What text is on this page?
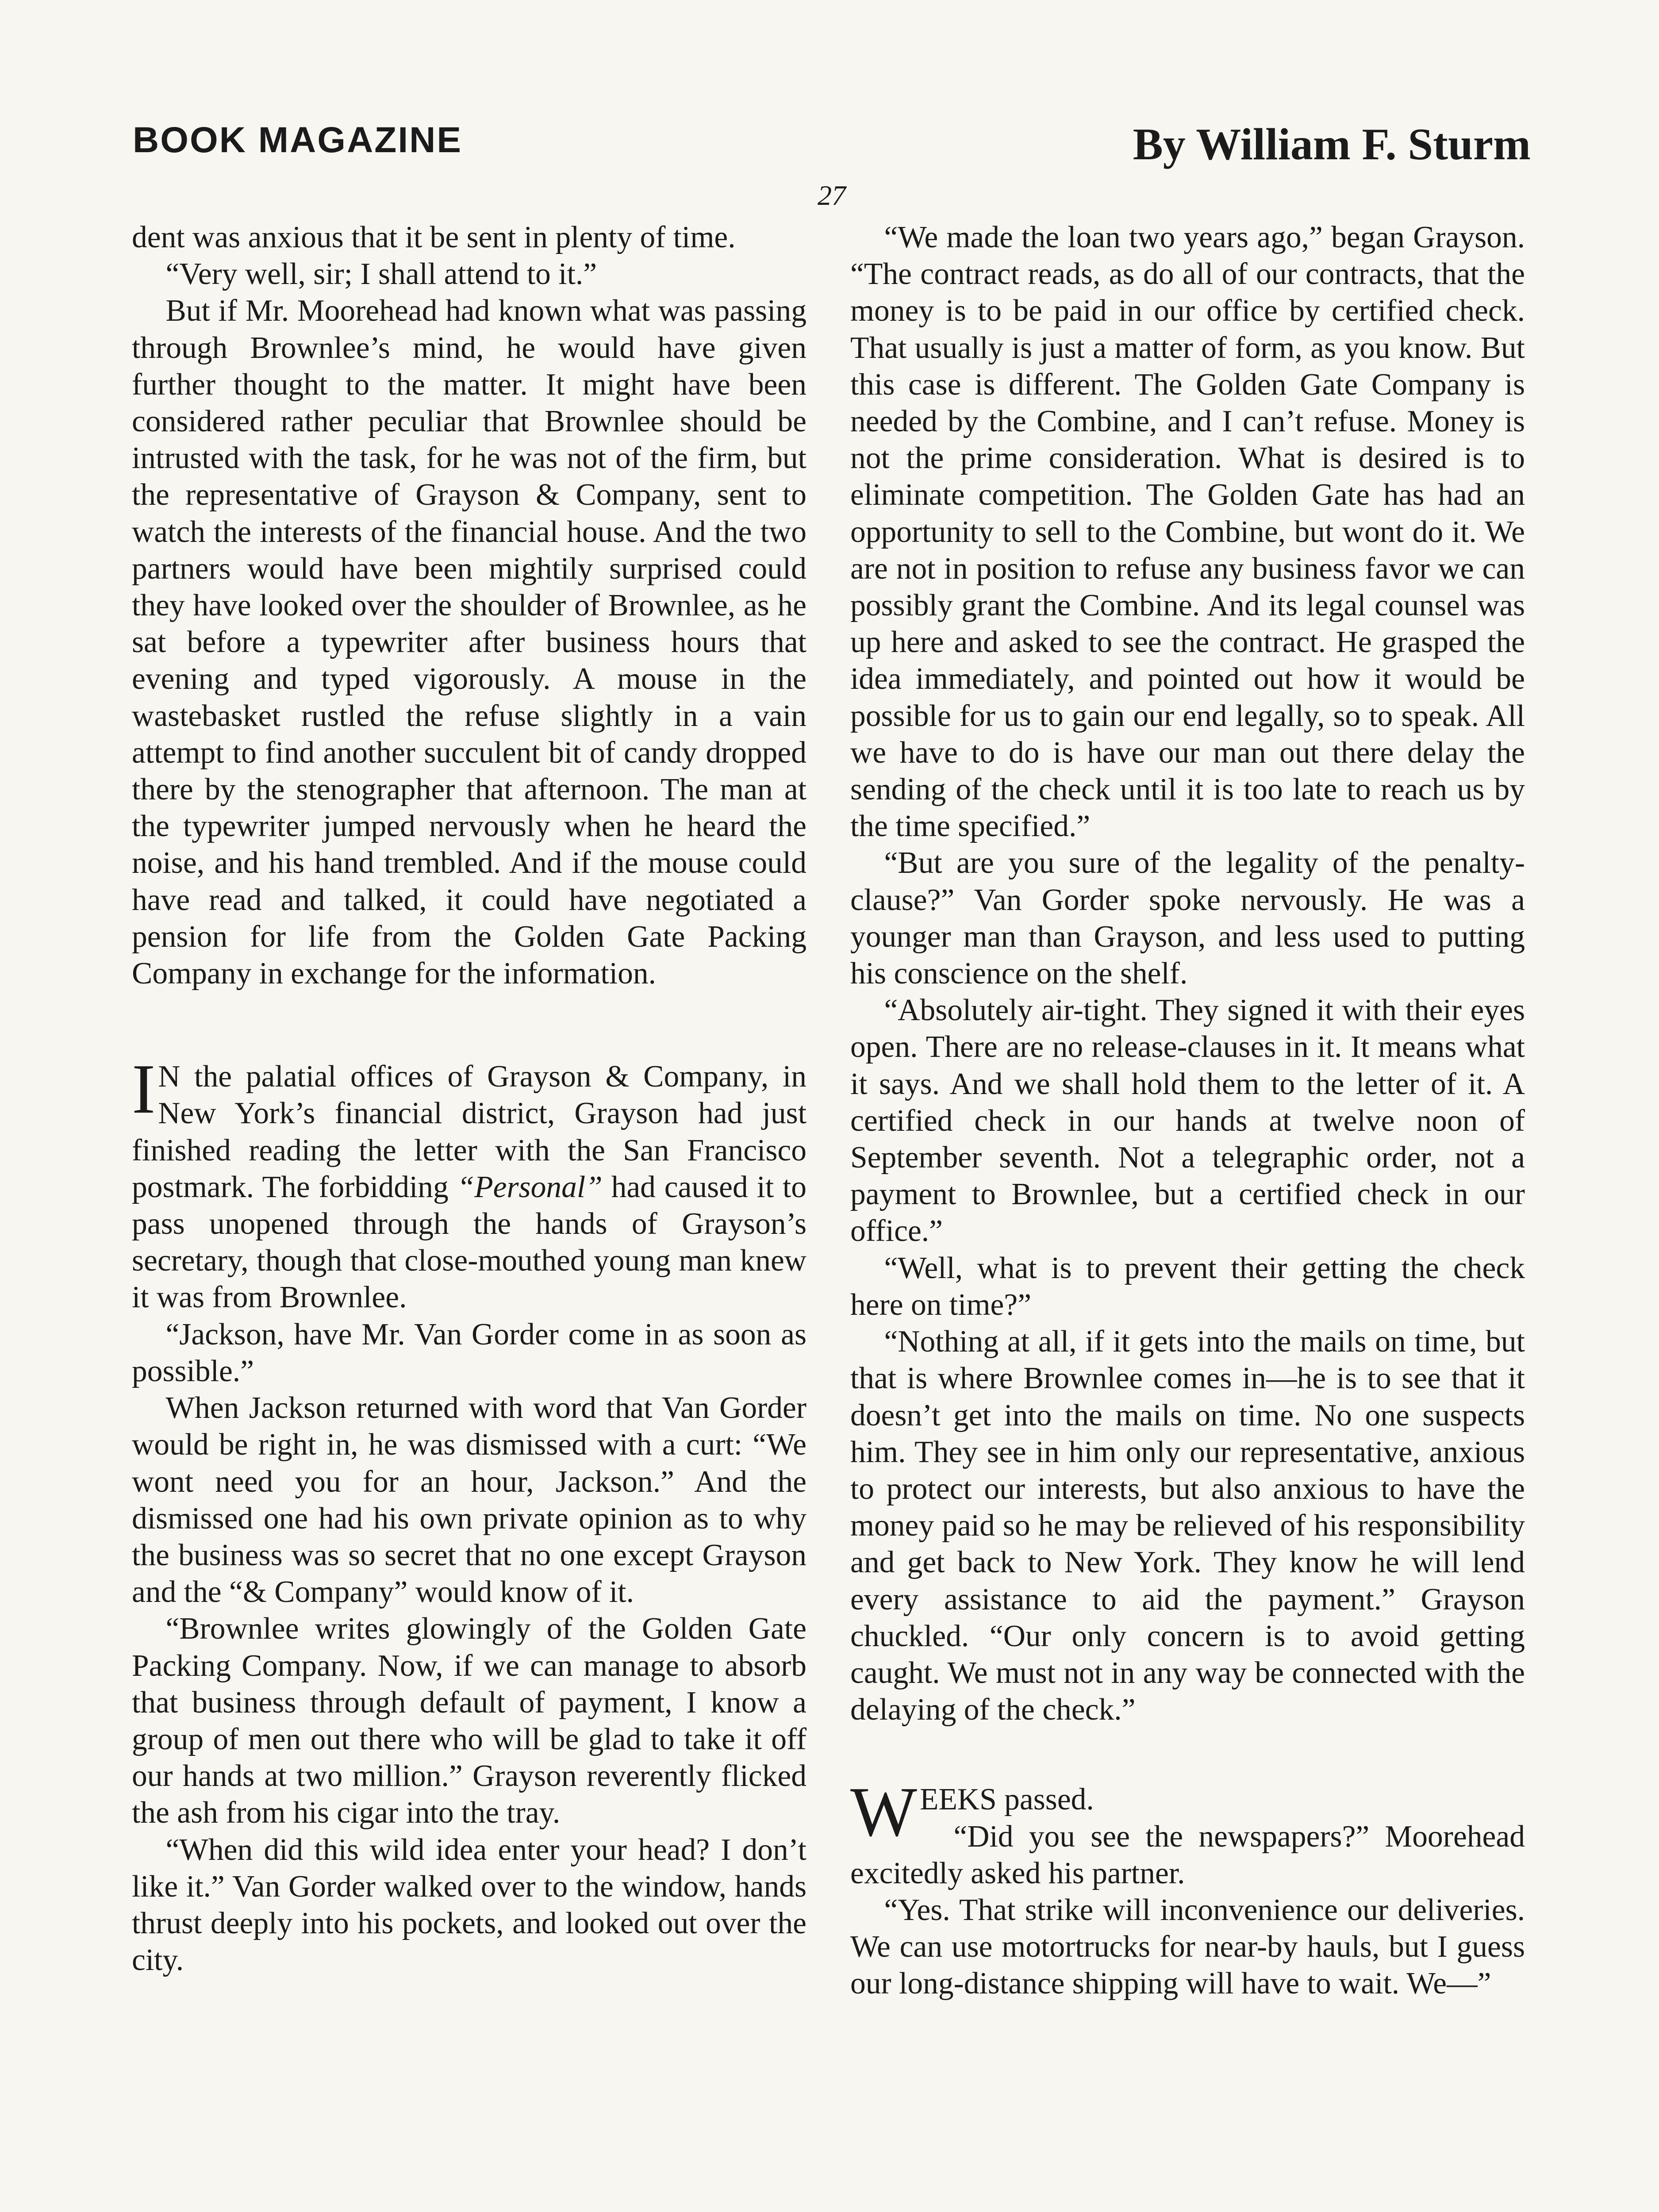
BOOK MAGAZINE	By William F. Sturm
27

dent was anxious that it be sent in plenty of time.

“Very well, sir; I shall attend to it.”

But if Mr. Moorehead had known what was passing through Brownlee’s mind, he would have given further thought to the matter. It might have been considered rather peculiar that Brownlee should be intrusted with the task, for he was not of the firm, but the representative of Grayson & Company, sent to watch the interests of the financial house. And the two partners would have been mightily surprised could they have looked over the shoulder of Brownlee, as he sat before a typewriter after business hours that evening and typed vigorously. A mouse in the wastebasket rustled the refuse slightly in a vain attempt to find another succulent bit of candy dropped there by the stenographer that afternoon. The man at the typewriter jumped nervously when he heard the noise, and his hand trembled. And if the mouse could have read and talked, it could have negotiated a pension for life from the Golden Gate Packing Company in exchange for the information.

I N the palatial offices of Grayson & Company, in New York’s financial district, Grayson had just finished reading the letter with the San Francisco postmark. The forbidding “Personal” had caused it to pass unopened through the hands of Grayson’s secretary, though that close-mouthed young man knew it was from Brownlee.

“Jackson, have Mr. Van Gorder come in as soon as possible.”

When Jackson returned with word that Van Gorder would be right in, he was dismissed with a curt: “We wont need you for an hour, Jackson.” And the dismissed one had his own private opinion as to why the business was so secret that no one except Grayson and the “& Company” would know of it.

“Brownlee writes glowingly of the Golden Gate Packing Company. Now, if we can manage to absorb that business through default of payment, I know a group of men out there who will be glad to take it off our hands at two million.” Grayson reverently flicked the ash from his cigar into the tray.

“When did this wild idea enter your head? I don’t like it.” Van Gorder walked over to the window, hands thrust deeply into his pockets, and looked out over the city.

“We made the loan two years ago,” began Grayson. “The contract reads, as do all of our contracts, that the money is to be paid in our office by certified check. That usually is just a matter of form, as you know. But this case is different. The Golden Gate Company is needed by the Combine, and I can’t refuse. Money is not the prime consideration. What is desired is to eliminate competition. The Golden Gate has had an opportunity to sell to the Combine, but wont do it. We are not in position to refuse any business favor we can possibly grant the Combine. And its legal counsel was up here and asked to see the contract. He grasped the idea immediately, and pointed out how it would be possible for us to gain our end legally, so to speak. All we have to do is have our man out there delay the sending of the check until it is too late to reach us by the time specified.”

“But are you sure of the legality of the penalty-clause?” Van Gorder spoke nervously. He was a younger man than Grayson, and less used to putting his conscience on the shelf.

“Absolutely air-tight. They signed it with their eyes open. There are no release-clauses in it. It means what it says. And we shall hold them to the letter of it. A certified check in our hands at twelve noon of September seventh. Not a telegraphic order, not a payment to Brownlee, but a certified check in our office.”

“Well, what is to prevent their getting the check here on time?”

“Nothing at all, if it gets into the mails on time, but that is where Brownlee comes in—he is to see that it doesn’t get into the mails on time. No one suspects him. They see in him only our representative, anxious to protect our interests, but also anxious to have the money paid so he may be relieved of his responsibility and get back to New York. They know he will lend every assistance to aid the payment.” Grayson chuckled. “Our only concern is to avoid getting caught. We must not in any way be connected with the delaying of the check.”

WEEKS passed.
“Did you see the newspapers?” Moorehead excitedly asked his partner.

“Yes. That strike will inconvenience our deliveries. We can use motortrucks for near-by hauls, but I guess our long-distance shipping will have to wait. We—”
